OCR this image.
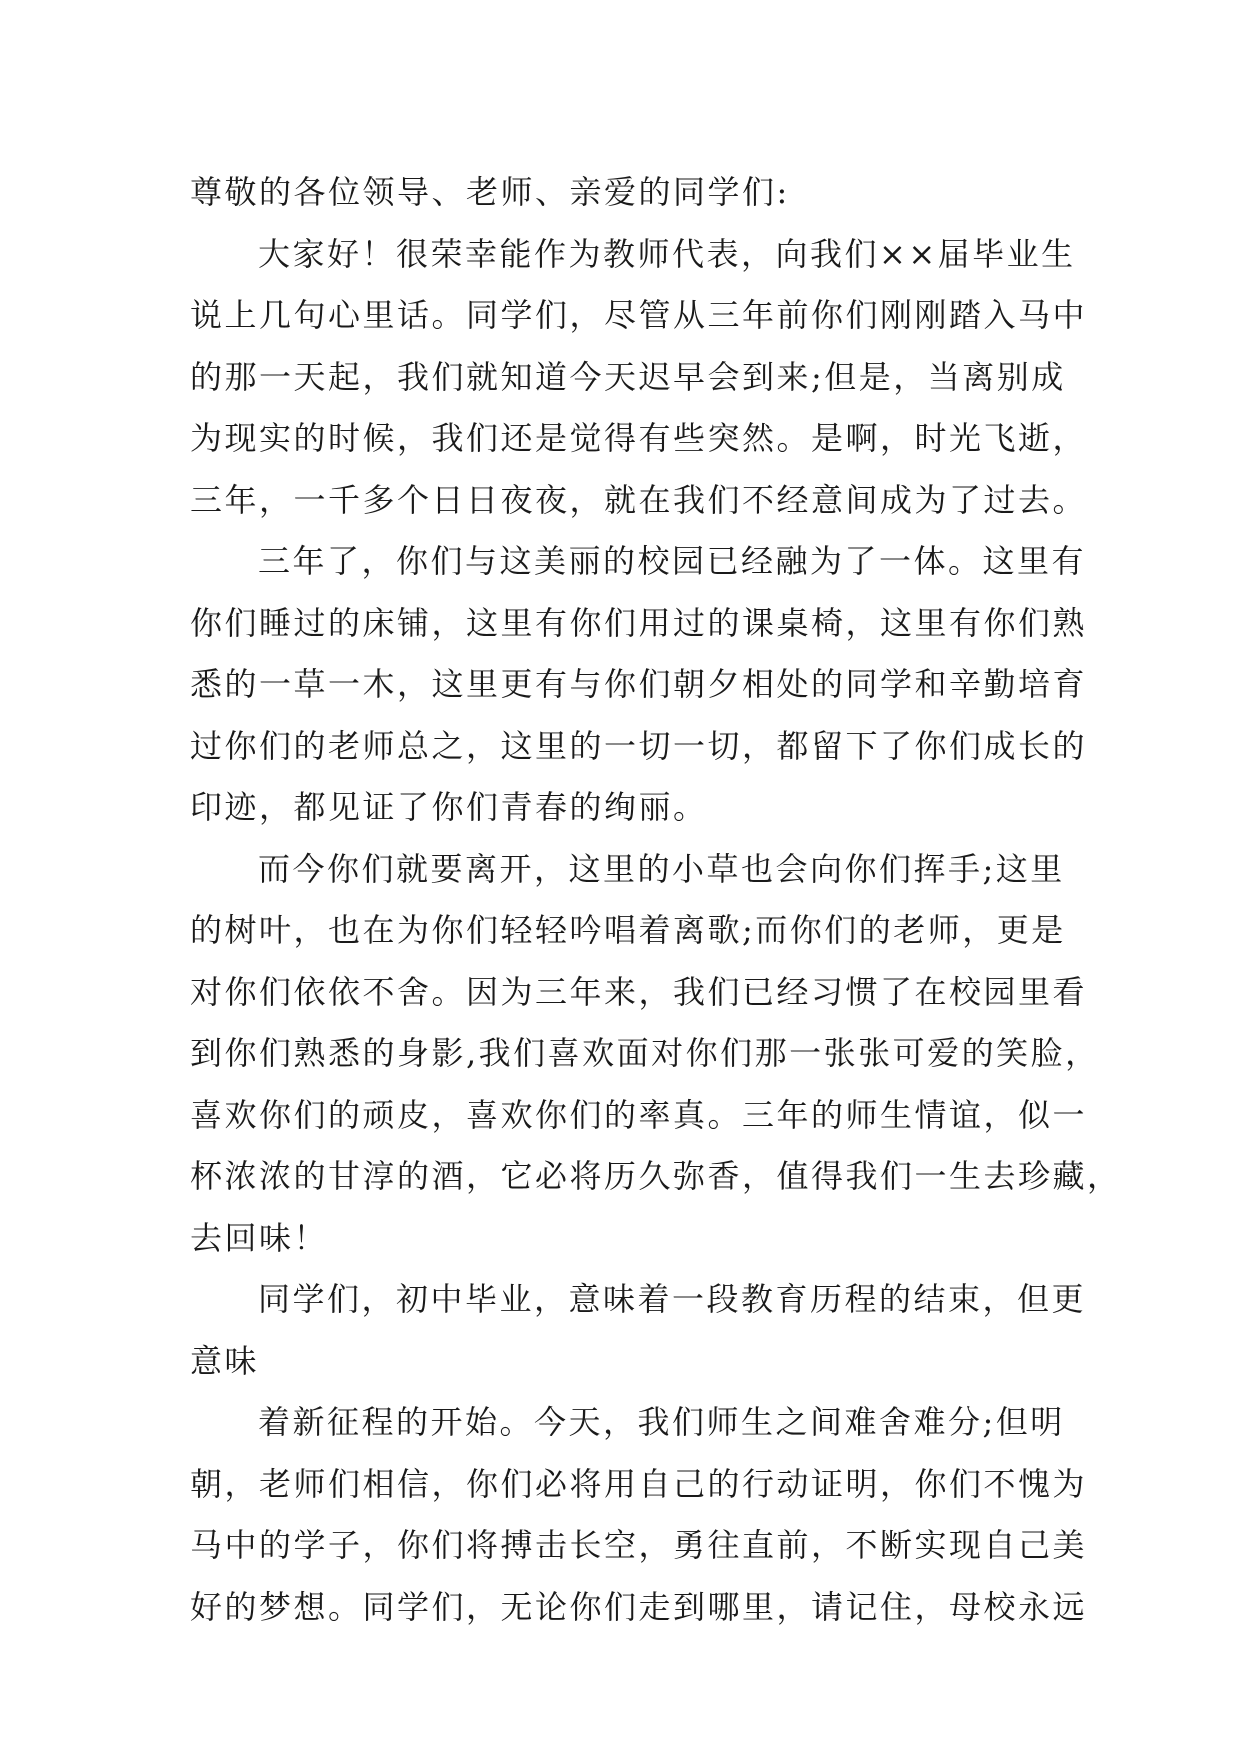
尊敬的各位领导、老师、亲爱的同学们:
大家好！很荣幸能作为教师代表，向我们××届毕业生
说上几句心里话。同学们，尽管从三年前你们刚刚踏入马中
的那一天起，我们就知道今天迟早会到来;但是，当离别成
为现实的时候，我们还是觉得有些突然。是啊，时光飞逝，
三年，一千多个日日夜夜，就在我们不经意间成为了过去。
三年了，你们与这美丽的校园已经融为了一体。这里有
你们睡过的床铺，这里有你们用过的课桌椅，这里有你们熟
悉的一草一木，这里更有与你们朝夕相处的同学和辛勤培育
过你们的老师总之，这里的一切一切，都留下了你们成长的
印迹，都见证了你们青春的绚丽。
而今你们就要离开，这里的小草也会向你们挥手;这里
的树叶，也在为你们轻轻吟唱着离歌;而你们的老师，更是
对你们依依不舍。因为三年来，我们已经习惯了在校园里看
到你们熟悉的身影,我们喜欢面对你们那一张张可爱的笑脸，
喜欢你们的顽皮，喜欢你们的率真。三年的师生情谊，似一
杯浓浓的甘淳的酒，它必将历久弥香，值得我们一生去珍藏，
去回味！
同学们，初中毕业，意味着一段教育历程的结束，但更
意味
着新征程的开始。今天，我们师生之间难舍难分;但明
朝，老师们相信，你们必将用自己的行动证明，你们不愧为
马中的学子，你们将搏击长空，勇往直前，不断实现自己美
好的梦想。同学们，无论你们走到哪里，请记住，母校永远
